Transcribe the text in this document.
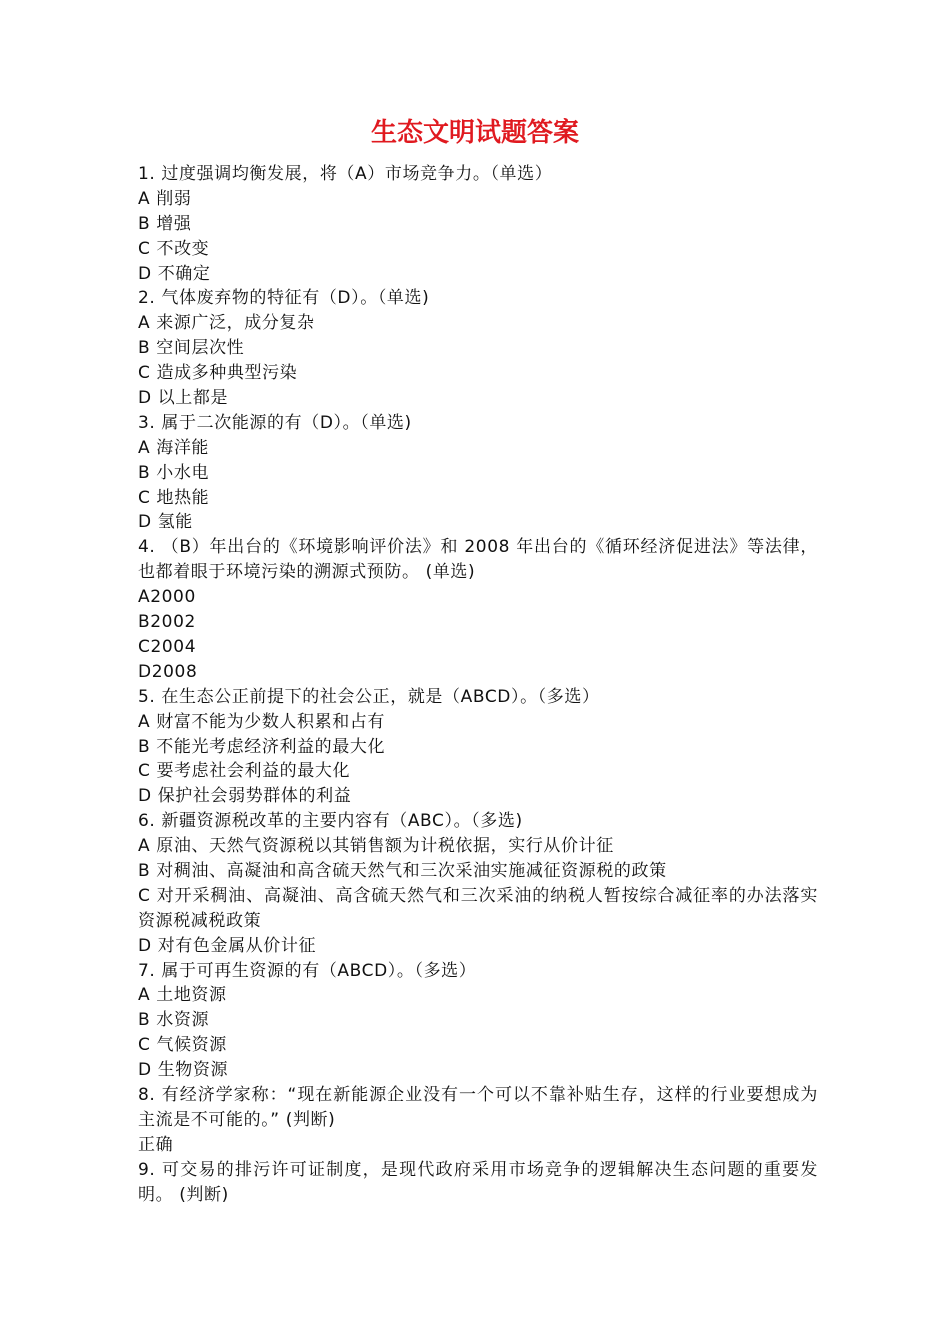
生态文明试题答案
1. 过度强调均衡发展，将（A）市场竞争力。（单选）
A 削弱
B 增强
C 不改变
D 不确定
2. 气体废弃物的特征有（D）。（单选)
A 来源广泛，成分复杂
B 空间层次性
C 造成多种典型污染
D 以上都是
3. 属于二次能源的有（D）。（单选)
A 海洋能
B 小水电
C 地热能
D 氢能
4. （B）年出台的《环境影响评价法》和 2008 年出台的《循环经济促进法》等法律，也都着眼于环境污染的溯源式预防。 (单选)
A2000
B2002
C2004
D2008
5. 在生态公正前提下的社会公正，就是（ABCD）。（多选）
A 财富不能为少数人积累和占有
B 不能光考虑经济利益的最大化
C 要考虑社会利益的最大化
D 保护社会弱势群体的利益
6. 新疆资源税改革的主要内容有（ABC）。（多选)
A 原油、天然气资源税以其销售额为计税依据，实行从价计征
B 对稠油、高凝油和高含硫天然气和三次采油实施减征资源税的政策
C 对开采稠油、高凝油、高含硫天然气和三次采油的纳税人暂按综合减征率的办法落实资源税减税政策
D 对有色金属从价计征
7. 属于可再生资源的有（ABCD）。（多选）
A 土地资源
B 水资源
C 气候资源
D 生物资源
8. 有经济学家称：“现在新能源企业没有一个可以不靠补贴生存，这样的行业要想成为主流是不可能的。” (判断)
正确
9. 可交易的排污许可证制度，是现代政府采用市场竞争的逻辑解决生态问题的重要发明。 (判断)
